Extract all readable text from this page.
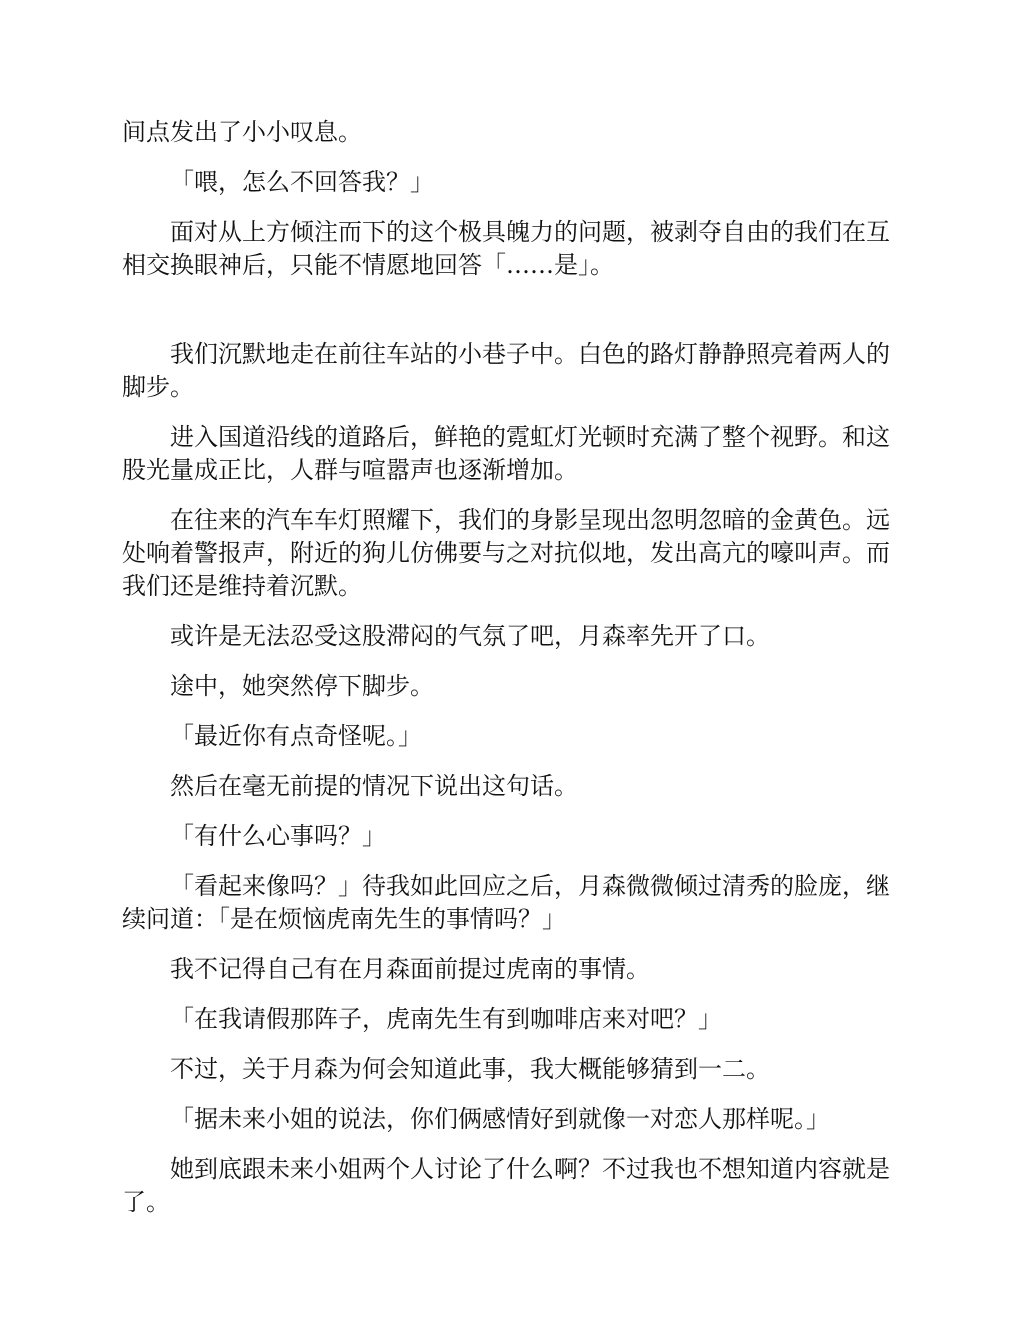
间点发出了小小叹息。

「喂，怎么不回答我？」

面对从上方倾注而下的这个极具魄力的问题，被剥夺自由的我们在互相交换眼神后，只能不情愿地回答「……是」。

我们沉默地走在前往车站的小巷子中。白色的路灯静静照亮着两人的脚步。

进入国道沿线的道路后，鲜艳的霓虹灯光顿时充满了整个视野。和这股光量成正比，人群与喧嚣声也逐渐增加。

在往来的汽车车灯照耀下，我们的身影呈现出忽明忽暗的金黄色。远处响着警报声，附近的狗儿仿佛要与之对抗似地，发出高亢的嚎叫声。而我们还是维持着沉默。

或许是无法忍受这股滞闷的气氛了吧，月森率先开了口。

途中，她突然停下脚步。

「最近你有点奇怪呢。」

然后在毫无前提的情况下说出这句话。

「有什么心事吗？」

「看起来像吗？」待我如此回应之后，月森微微倾过清秀的脸庞，继续问道：「是在烦恼虎南先生的事情吗？」

我不记得自己有在月森面前提过虎南的事情。

「在我请假那阵子，虎南先生有到咖啡店来对吧？」

不过，关于月森为何会知道此事，我大概能够猜到一二。

「据未来小姐的说法，你们俩感情好到就像一对恋人那样呢。」

她到底跟未来小姐两个人讨论了什么啊？不过我也不想知道内容就是了。
